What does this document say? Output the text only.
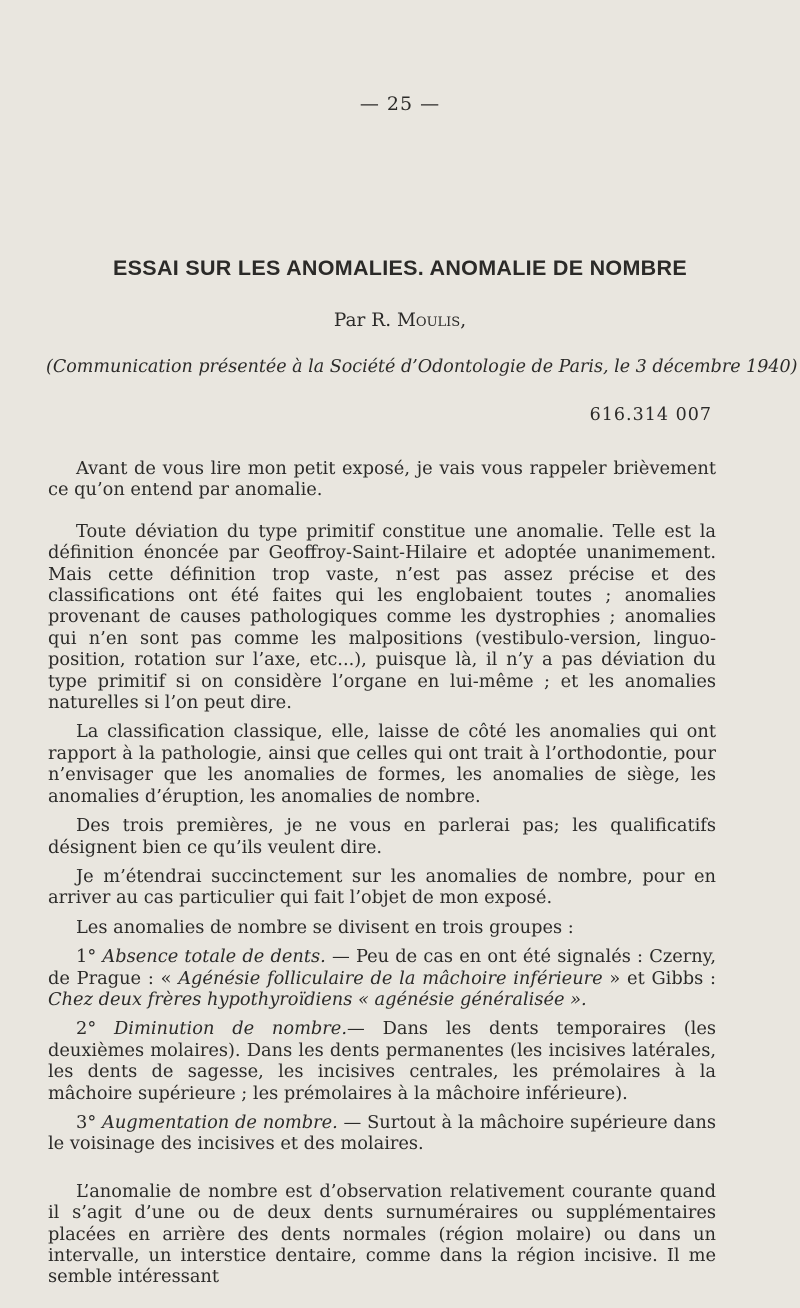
— 25 —
ESSAI SUR LES ANOMALIES. ANOMALIE DE NOMBRE
Par R. Moulis,
(Communication présentée à la Société d’Odontologie de Paris, le 3 décembre 1940)
616.314 007

Avant de vous lire mon petit exposé, je vais vous rappeler brièvement ce qu’on entend par anomalie.

Toute déviation du type primitif constitue une anomalie. Telle est la définition énoncée par Geoffroy-Saint-Hilaire et adoptée unanimement. Mais cette définition trop vaste, n’est pas assez précise et des classifications ont été faites qui les englobaient toutes ; anomalies provenant de causes pathologiques comme les dystrophies ; anomalies qui n’en sont pas comme les malpositions (vestibulo-version, linguo-position, rotation sur l’axe, etc...), puisque là, il n’y a pas déviation du type primitif si on considère l’organe en lui-même ; et les anomalies naturelles si l’on peut dire.

La classification classique, elle, laisse de côté les anomalies qui ont rapport à la pathologie, ainsi que celles qui ont trait à l’orthodontie, pour n’envisager que les anomalies de formes, les anomalies de siège, les anomalies d’éruption, les anomalies de nombre.

Des trois premières, je ne vous en parlerai pas; les qualificatifs désignent bien ce qu’ils veulent dire.

Je m’étendrai succinctement sur les anomalies de nombre, pour en arriver au cas particulier qui fait l’objet de mon exposé.

Les anomalies de nombre se divisent en trois groupes :

1° Absence totale de dents. — Peu de cas en ont été signalés : Czerny, de Prague : « Agénésie folliculaire de la mâchoire inférieure » et Gibbs : Chez deux frères hypothyroïdiens « agénésie généralisée ».

2° Diminution de nombre.— Dans les dents temporaires (les deuxièmes molaires). Dans les dents permanentes (les incisives latérales, les dents de sagesse, les incisives centrales, les prémolaires à la mâchoire supérieure ; les prémolaires à la mâchoire inférieure).

3° Augmentation de nombre. — Surtout à la mâchoire supérieure dans le voisinage des incisives et des molaires.

L’anomalie de nombre est d’observation relativement courante quand il s’agit d’une ou de deux dents surnuméraires ou supplémentaires placées en arrière des dents normales (région molaire) ou dans un intervalle, un interstice dentaire, comme dans la région incisive. Il me semble intéressant
